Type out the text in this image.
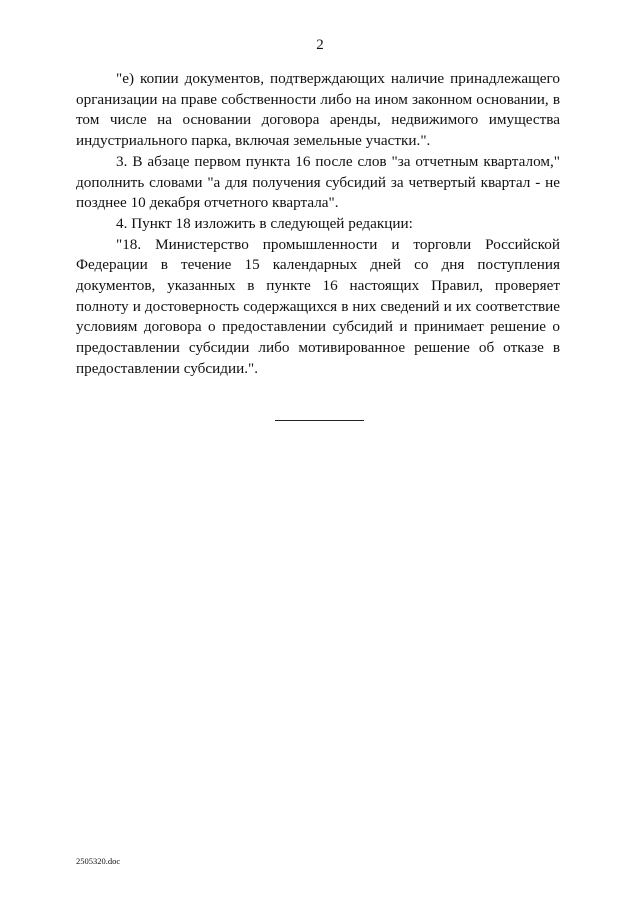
2

"е) копии документов, подтверждающих наличие принадлежащего организации на праве собственности либо на ином законном основании, в том числе на основании договора аренды, недвижимого имущества индустриального парка, включая земельные участки.".

3. В абзаце первом пункта 16 после слов "за отчетным кварталом," дополнить словами "а для получения субсидий за четвертый квартал - не позднее 10 декабря отчетного квартала".

4. Пункт 18 изложить в следующей редакции:

"18. Министерство промышленности и торговли Российской Федерации в течение 15 календарных дней со дня поступления документов, указанных в пункте 16 настоящих Правил, проверяет полноту и достоверность содержащихся в них сведений и их соответствие условиям договора о предоставлении субсидий и принимает решение о предоставлении субсидии либо мотивированное решение об отказе в предоставлении субсидии.".

2505320.doc
